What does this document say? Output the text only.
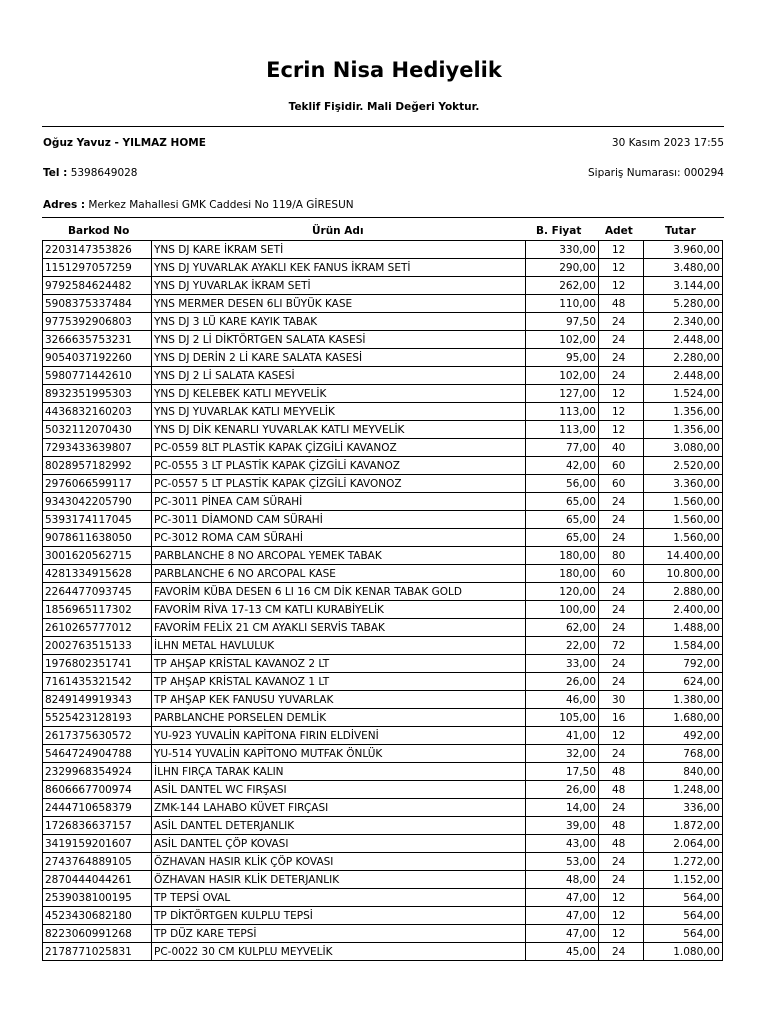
Ecrin Nisa Hediyelik
Teklif Fişidir. Mali Değeri Yoktur.
Oğuz Yavuz - YILMAZ HOME	30 Kasım 2023 17:55
Tel : 5398649028	Sipariş Numarası: 000294
Adres : Merkez Mahallesi GMK Caddesi No 119/A GİRESUN
Barkod No	Ürün Adı	B. Fiyat Adet	Tutar
2203147353826	YNS DJ KARE İKRAM SETİ	330,00	12	3.960,00
1151297057259	YNS DJ YUVARLAK AYAKLI KEK FANUS İKRAM SETİ	290,00	12	3.480,00
9792584624482	YNS DJ YUVARLAK İKRAM SETİ	262,00	12	3.144,00
5908375337484	YNS MERMER DESEN 6LI BÜYÜK KASE	110,00	48	5.280,00
9775392906803	YNS DJ 3 LÜ KARE KAYIK TABAK	97,50	24	2.340,00
3266635753231	YNS DJ 2 Lİ DİKTÖRTGEN SALATA KASESİ	102,00	24	2.448,00
9054037192260	YNS DJ DERİN 2 Lİ KARE SALATA KASESİ	95,00	24	2.280,00
5980771442610	YNS DJ 2 Lİ SALATA KASESİ	102,00	24	2.448,00
8932351995303	YNS DJ KELEBEK KATLI MEYVELİK	127,00	12	1.524,00
4436832160203	YNS DJ YUVARLAK KATLI MEYVELİK	113,00	12	1.356,00
5032112070430	YNS DJ DİK KENARLI YUVARLAK KATLI MEYVELİK	113,00	12	1.356,00
7293433639807	PC-0559 8LT PLASTİK KAPAK ÇİZGİLİ KAVANOZ	77,00	40	3.080,00
8028957182992	PC-0555 3 LT PLASTİK KAPAK ÇİZGİLİ KAVANOZ	42,00	60	2.520,00
2976066599117	PC-0557 5 LT PLASTİK KAPAK ÇİZGİLİ KAVONOZ	56,00	60	3.360,00
9343042205790	PC-3011 PİNEA CAM SÜRAHİ	65,00	24	1.560,00
5393174117045	PC-3011 DİAMOND CAM SÜRAHİ	65,00	24	1.560,00
9078611638050	PC-3012 ROMA CAM SÜRAHİ	65,00	24	1.560,00
3001620562715	PARBLANCHE 8 NO ARCOPAL YEMEK TABAK	180,00	80	14.400,00
4281334915628	PARBLANCHE 6 NO ARCOPAL KASE	180,00	60	10.800,00
2264477093745	FAVORİM KÜBA DESEN 6 LI 16 CM DİK KENAR TABAK GOLD	120,00	24	2.880,00
1856965117302	FAVORİM RİVA 17-13 CM KATLI KURABİYELİK	100,00	24	2.400,00
2610265777012	FAVORİM FELİX 21 CM AYAKLI SERVİS TABAK	62,00	24	1.488,00
2002763515133	İLHN METAL HAVLULUK	22,00	72	1.584,00
1976802351741	TP AHŞAP KRİSTAL KAVANOZ 2 LT	33,00	24	792,00
7161435321542	TP AHŞAP KRİSTAL KAVANOZ 1 LT	26,00	24	624,00
8249149919343	TP AHŞAP KEK FANUSU YUVARLAK	46,00	30	1.380,00
5525423128193	PARBLANCHE PORSELEN DEMLİK	105,00	16	1.680,00
2617375630572	YU-923 YUVALİN KAPİTONA FIRIN ELDİVENİ	41,00	12	492,00
5464724904788	YU-514 YUVALİN KAPİTONO MUTFAK ÖNLÜK	32,00	24	768,00
2329968354924	İLHN FIRÇA TARAK KALIN	17,50	48	840,00
8606667700974	ASİL DANTEL WC FIRŞASI	26,00	48	1.248,00
2444710658379	ZMK-144 LAHABO KÜVET FIRÇASI	14,00	24	336,00
1726836637157	ASİL DANTEL DETERJANLIK	39,00	48	1.872,00
3419159201607	ASİL DANTEL ÇÖP KOVASI	43,00	48	2.064,00
2743764889105	ÖZHAVAN HASIR KLİK ÇÖP KOVASI	53,00	24	1.272,00
2870444044261	ÖZHAVAN HASIR KLİK DETERJANLIK	48,00	24	1.152,00
2539038100195	TP TEPSİ OVAL	47,00	12	564,00
4523430682180	TP DİKTÖRTGEN KULPLU TEPSİ	47,00	12	564,00
8223060991268	TP DÜZ KARE TEPSİ	47,00	12	564,00
2178771025831	PC-0022 30 CM KULPLU MEYVELİK	45,00	24	1.080,00
